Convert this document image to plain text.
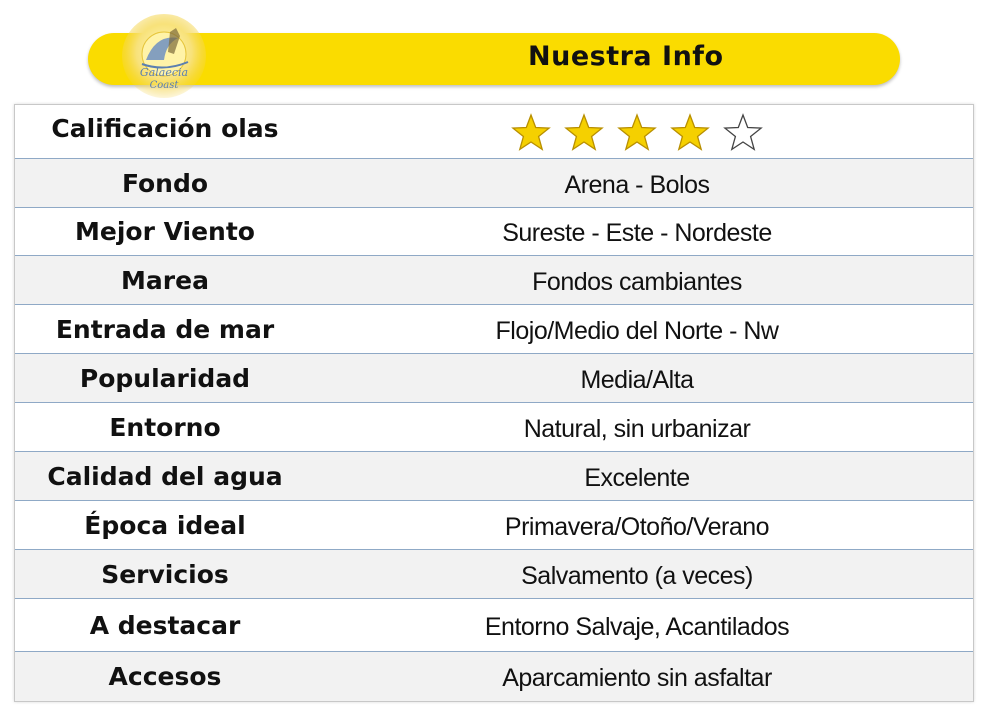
Nuestra Info
Galaecia
Coast
Calificación olas
Fondo	Arena - Bolos
Mejor Viento	Sureste - Este - Nordeste
Marea	Fondos cambiantes
Entrada de mar	Flojo/Medio del Norte - Nw
Popularidad	Media/Alta
Entorno	Natural, sin urbanizar
Calidad del agua	Excelente
Época ideal	Primavera/Otoño/Verano
Servicios	Salvamento (a veces)
A destacar	Entorno Salvaje, Acantilados
Accesos	Aparcamiento sin asfaltar
